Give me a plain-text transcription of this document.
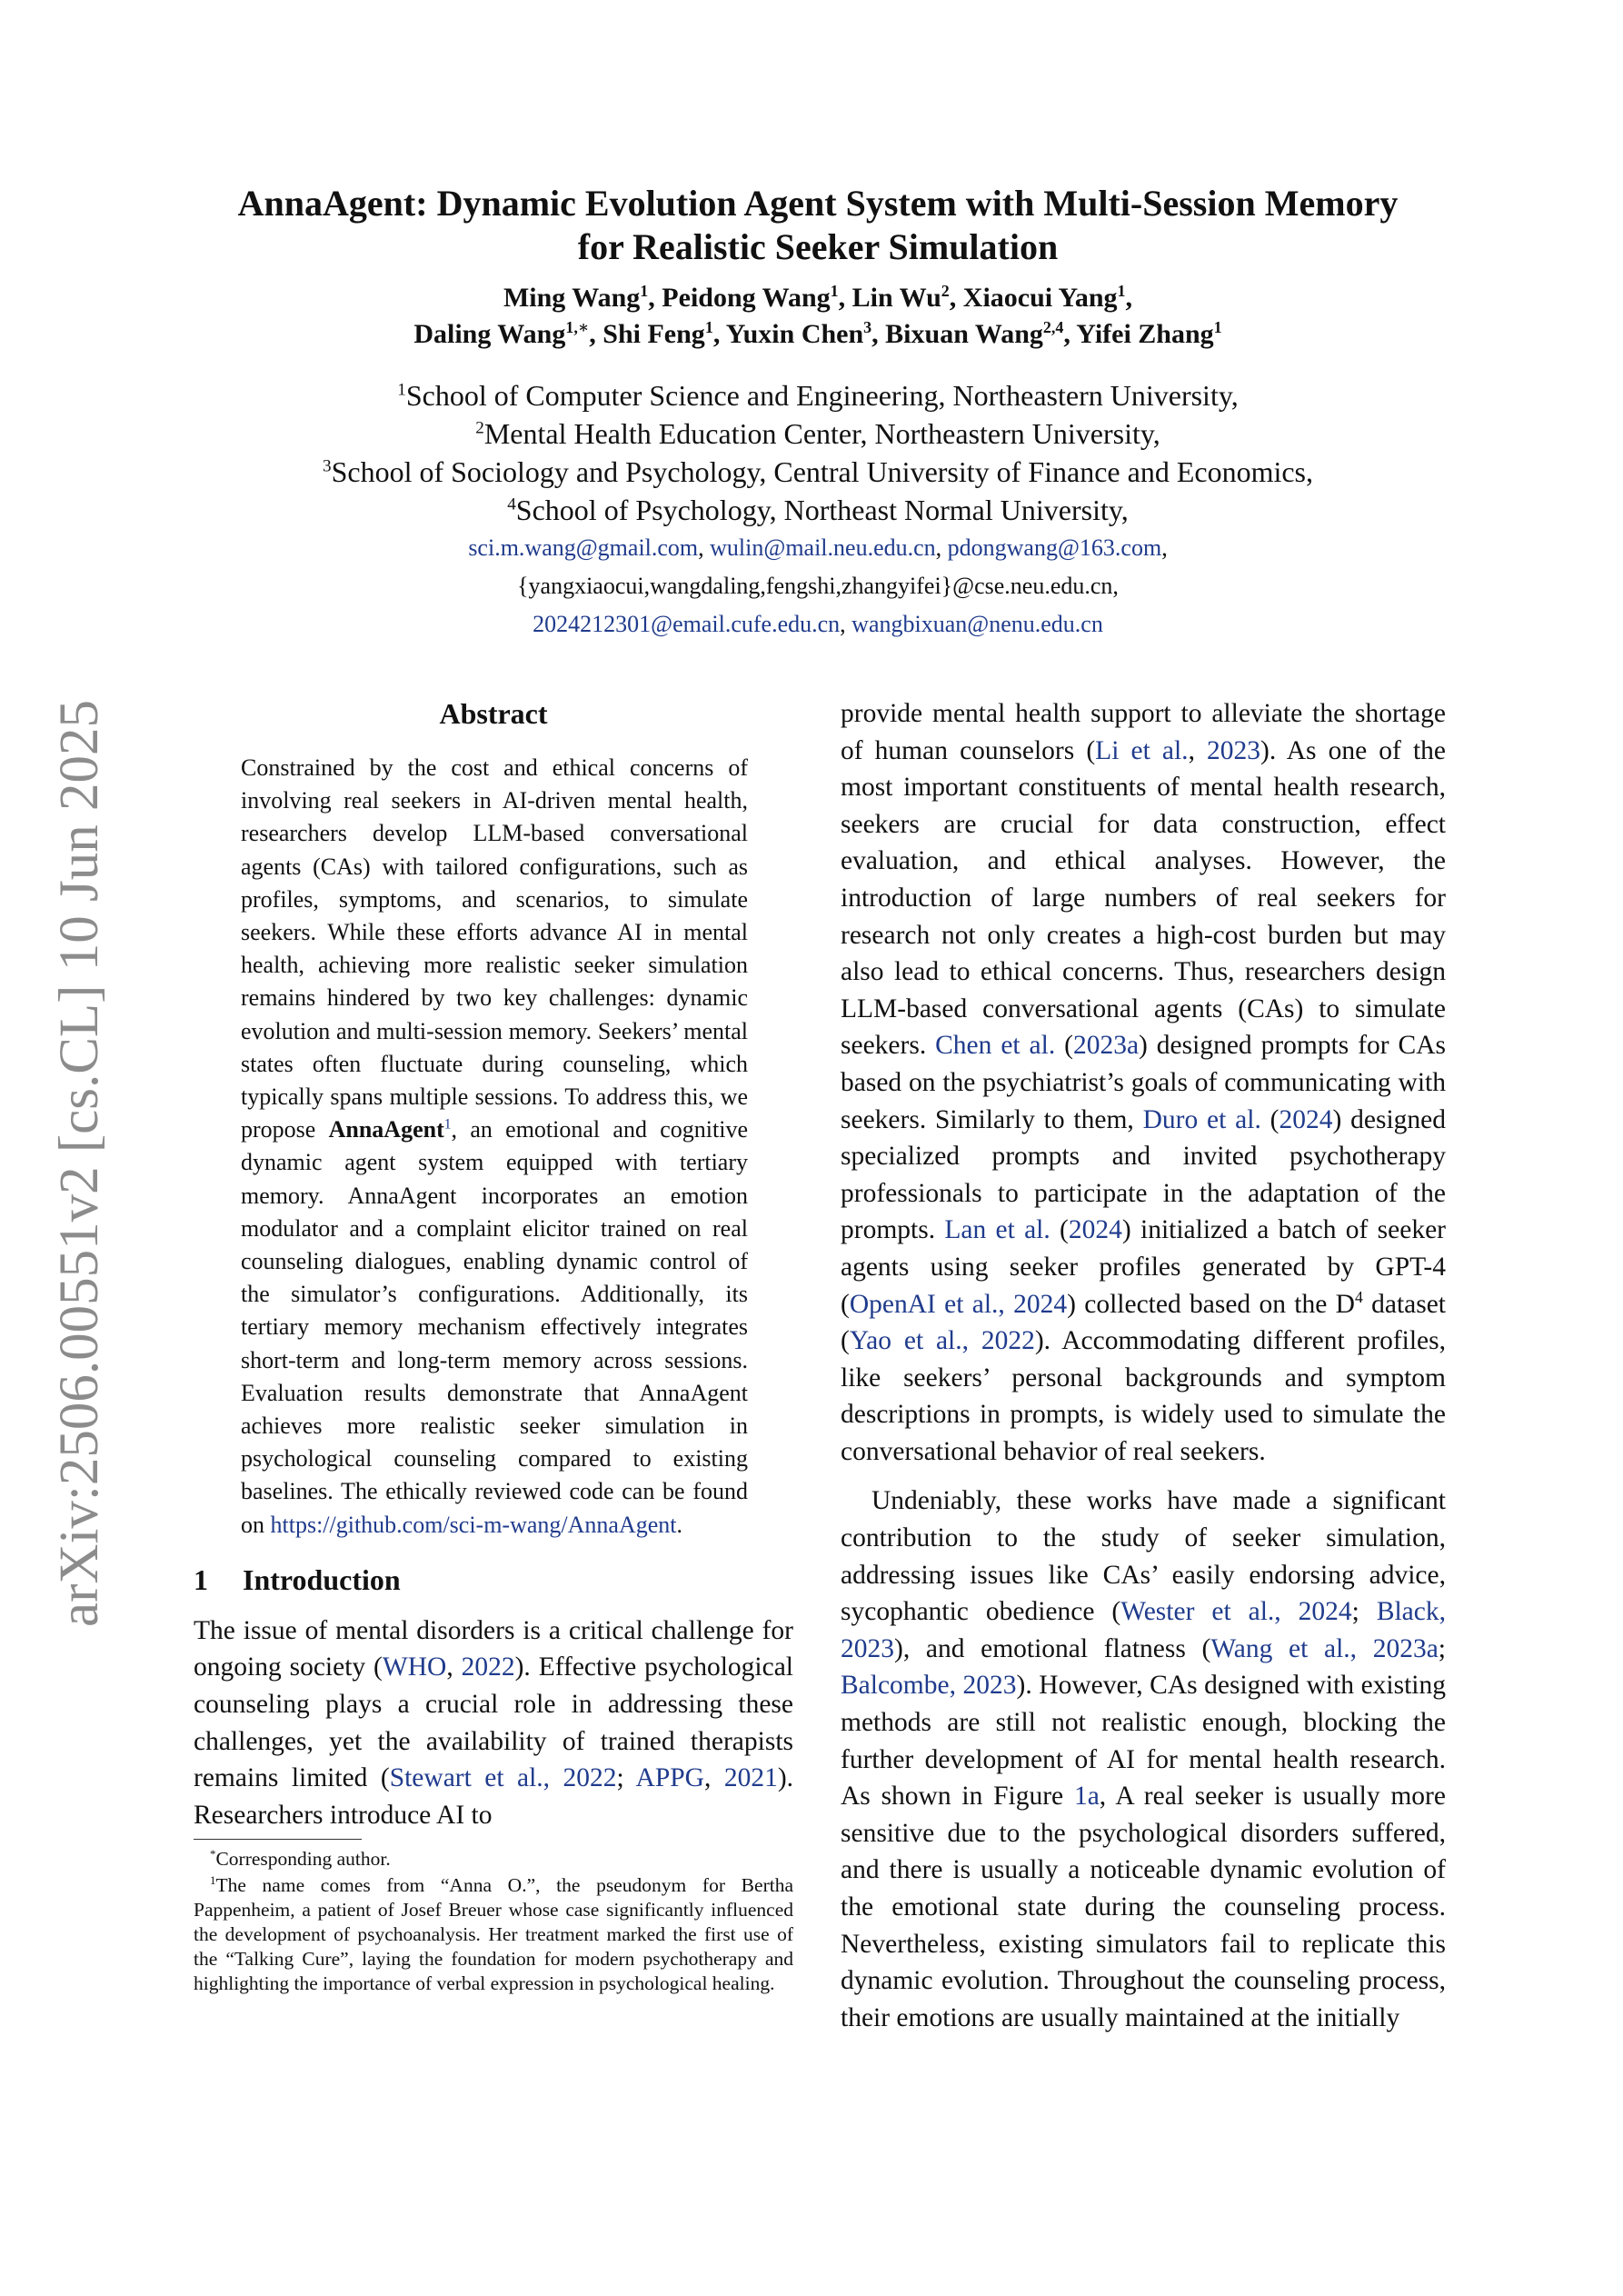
arXiv:2506.00551v2 [cs.CL] 10 Jun 2025
AnnaAgent: Dynamic Evolution Agent System with Multi-Session Memory
for Realistic Seeker Simulation
Ming Wang$^1$, Peidong Wang$^1$, Lin Wu$^2$, Xiaocui Yang$^1$,
Daling Wang$^{1,∗}$, Shi Feng$^1$, Yuxin Chen$^3$, Bixuan Wang$^{2,4}$, Yifei Zhang$^1$
$^1$School of Computer Science and Engineering, Northeastern University,
$^2$Mental Health Education Center, Northeastern University,
$^3$School of Sociology and Psychology, Central University of Finance and Economics,
$^4$School of Psychology, Northeast Normal University,
sci.m.wang@gmail.com, wulin@mail.neu.edu.cn, pdongwang@163.com,
{yangxiaocui,wangdaling,fengshi,zhangyifei}@cse.neu.edu.cn,
2024212301@email.cufe.edu.cn, wangbixuan@nenu.edu.cn
Abstract

Constrained by the cost and ethical concerns of involving real seekers in AI-driven mental health, researchers develop LLM-based conversational agents (CAs) with tailored configurations, such as profiles, symptoms, and scenarios, to simulate seekers. While these efforts advance AI in mental health, achieving more realistic seeker simulation remains hindered by two key challenges: dynamic evolution and multi-session memory. Seekers’ mental states often fluctuate during counseling, which typically spans multiple sessions. To address this, we propose AnnaAgent$^1$, an emotional and cognitive dynamic agent system equipped with tertiary memory. AnnaAgent incorporates an emotion modulator and a complaint elicitor trained on real counseling dialogues, enabling dynamic control of the simulator’s configurations. Additionally, its tertiary memory mechanism effectively integrates short-term and long-term memory across sessions. Evaluation results demonstrate that AnnaAgent achieves more realistic seeker simulation in psychological counseling compared to existing baselines. The ethically reviewed code can be found on https://github.com/sci-m-wang/AnnaAgent.

1 Introduction

The issue of mental disorders is a critical challenge for ongoing society (WHO, 2022). Effective psychological counseling plays a crucial role in addressing these challenges, yet the availability of trained therapists remains limited (Stewart et al., 2022; APPG, 2021). Researchers introduce AI to

*Corresponding author.

$^1$The name comes from “Anna O.”, the pseudonym for Bertha Pappenheim, a patient of Josef Breuer whose case significantly influenced the development of psychoanalysis. Her treatment marked the first use of the “Talking Cure”, laying the foundation for modern psychotherapy and highlighting the importance of verbal expression in psychological healing.

provide mental health support to alleviate the shortage of human counselors (Li et al., 2023). As one of the most important constituents of mental health research, seekers are crucial for data construction, effect evaluation, and ethical analyses. However, the introduction of large numbers of real seekers for research not only creates a high-cost burden but may also lead to ethical concerns. Thus, researchers design LLM-based conversational agents (CAs) to simulate seekers. Chen et al. (2023a) designed prompts for CAs based on the psychiatrist’s goals of communicating with seekers. Similarly to them, Duro et al. (2024) designed specialized prompts and invited psychotherapy professionals to participate in the adaptation of the prompts. Lan et al. (2024) initialized a batch of seeker agents using seeker profiles generated by GPT-4 (OpenAI et al., 2024) collected based on the $D^4$ dataset (Yao et al., 2022). Accommodating different profiles, like seekers’ personal backgrounds and symptom descriptions in prompts, is widely used to simulate the conversational behavior of real seekers.

Undeniably, these works have made a significant contribution to the study of seeker simulation, addressing issues like CAs’ easily endorsing advice, sycophantic obedience (Wester et al., 2024; Black, 2023), and emotional flatness (Wang et al., 2023a; Balcombe, 2023). However, CAs designed with existing methods are still not realistic enough, blocking the further development of AI for mental health research. As shown in Figure 1a, A real seeker is usually more sensitive due to the psychological disorders suffered, and there is usually a noticeable dynamic evolution of the emotional state during the counseling process. Nevertheless, existing simulators fail to replicate this dynamic evolution. Throughout the counseling process, their emotions are usually maintained at the initially
